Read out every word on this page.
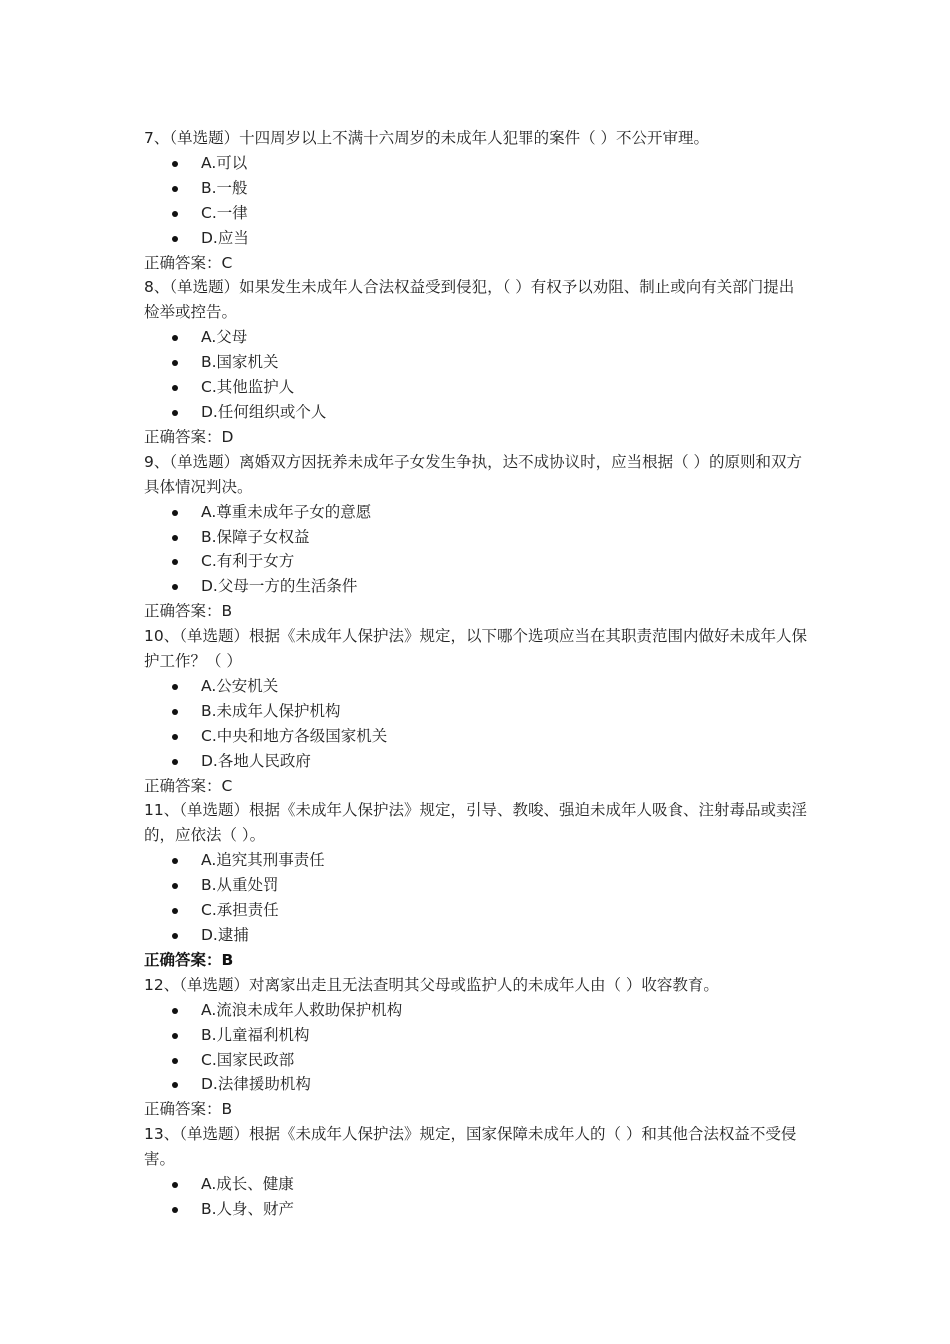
7、（单选题）十四周岁以上不满十六周岁的未成年人犯罪的案件（ ）不公开审理。

A.可以
B.一般
C.一律
D.应当

正确答案：C

8、（单选题）如果发生未成年人合法权益受到侵犯，（ ）有权予以劝阻、制止或向有关部门提出检举或控告。

A.父母
B.国家机关
C.其他监护人
D.任何组织或个人

正确答案：D

9、（单选题）离婚双方因抚养未成年子女发生争执，达不成协议时，应当根据（ ）的原则和双方具体情况判决。

A.尊重未成年子女的意愿
B.保障子女权益
C.有利于女方
D.父母一方的生活条件

正确答案：B

10、（单选题）根据《未成年人保护法》规定，以下哪个选项应当在其职责范围内做好未成年人保护工作？（ ）

A.公安机关
B.未成年人保护机构
C.中央和地方各级国家机关
D.各地人民政府

正确答案：C

11、（单选题）根据《未成年人保护法》规定，引导、教唆、强迫未成年人吸食、注射毒品或卖淫的，应依法（ ）。

A.追究其刑事责任
B.从重处罚
C.承担责任
D.逮捕

正确答案：B

12、（单选题）对离家出走且无法查明其父母或监护人的未成年人由（ ）收容教育。

A.流浪未成年人救助保护机构
B.儿童福利机构
C.国家民政部
D.法律援助机构

正确答案：B

13、（单选题）根据《未成年人保护法》规定，国家保障未成年人的（ ）和其他合法权益不受侵害。

A.成长、健康
B.人身、财产
